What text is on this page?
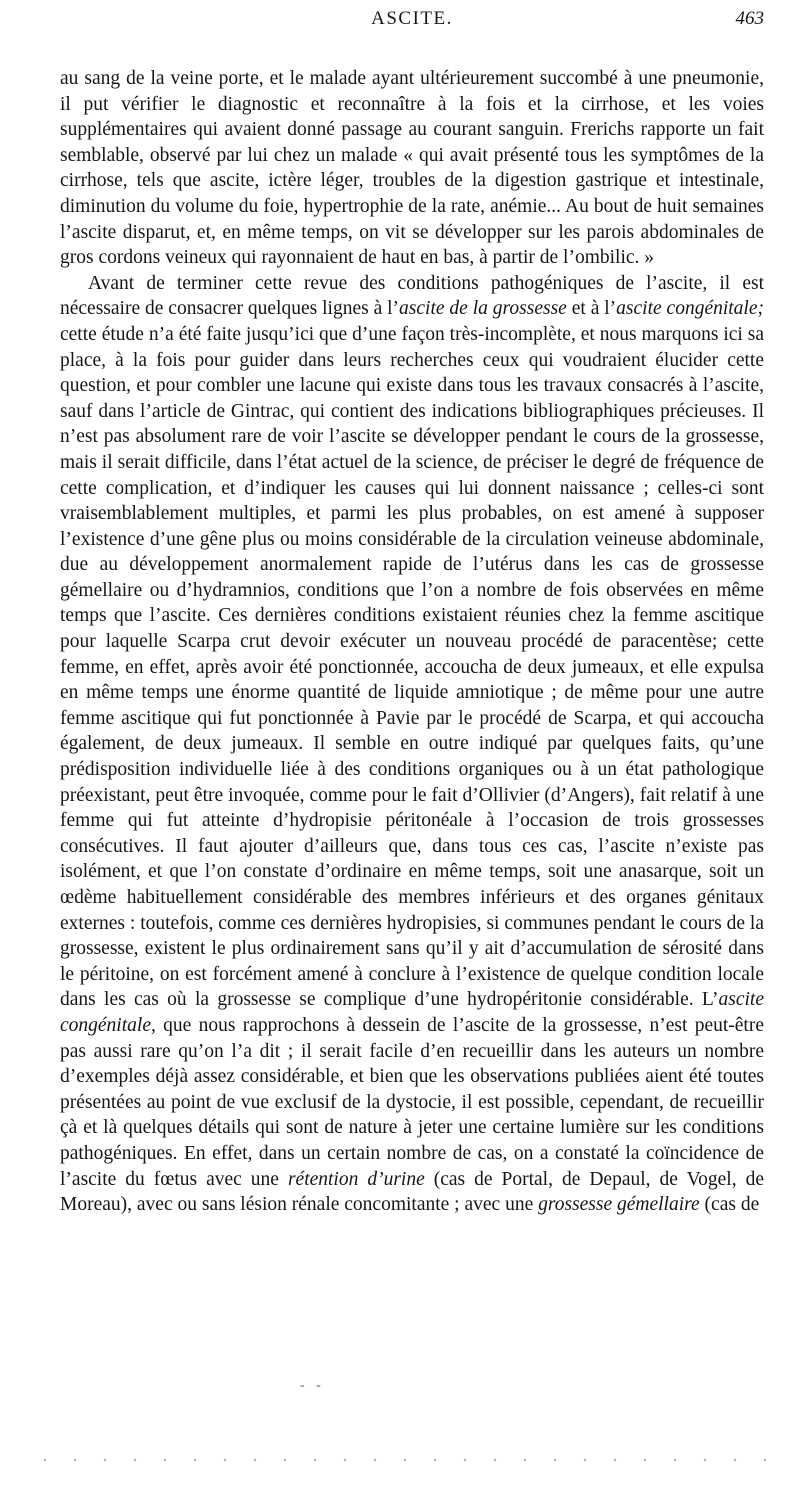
ASCITE.	463

au sang de la veine porte, et le malade ayant ultérieurement succombé à une pneumonie, il put vérifier le diagnostic et reconnaître à la fois et la cirrhose, et les voies supplémentaires qui avaient donné passage au courant sanguin. Frerichs rapporte un fait semblable, observé par lui chez un malade « qui avait présenté tous les symptômes de la cirrhose, tels que ascite, ictère léger, troubles de la digestion gastrique et intestinale, diminution du volume du foie, hypertrophie de la rate, anémie... Au bout de huit semaines l’ascite disparut, et, en même temps, on vit se développer sur les parois abdominales de gros cordons veineux qui rayonnaient de haut en bas, à partir de l’ombilic. »

Avant de terminer cette revue des conditions pathogéniques de l’ascite, il est nécessaire de consacrer quelques lignes à l’ascite de la grossesse et à l’ascite congénitale; cette étude n’a été faite jusqu’ici que d’une façon très-incomplète, et nous marquons ici sa place, à la fois pour guider dans leurs recherches ceux qui voudraient élucider cette question, et pour combler une lacune qui existe dans tous les travaux consacrés à l’ascite, sauf dans l’article de Gintrac, qui contient des indications bibliographiques précieuses. Il n’est pas absolument rare de voir l’ascite se développer pendant le cours de la grossesse, mais il serait difficile, dans l’état actuel de la science, de préciser le degré de fréquence de cette complication, et d’indiquer les causes qui lui donnent naissance ; celles-ci sont vraisemblablement multiples, et parmi les plus probables, on est amené à supposer l’existence d’une gêne plus ou moins considérable de la circulation veineuse abdominale, due au développement anormalement rapide de l’utérus dans les cas de grossesse gémellaire ou d’hydramnios, conditions que l’on a nombre de fois observées en même temps que l’ascite. Ces dernières conditions existaient réunies chez la femme ascitique pour laquelle Scarpa crut devoir exécuter un nouveau procédé de paracentèse; cette femme, en effet, après avoir été ponctionnée, accoucha de deux jumeaux, et elle expulsa en même temps une énorme quantité de liquide amniotique ; de même pour une autre femme ascitique qui fut ponctionnée à Pavie par le procédé de Scarpa, et qui accoucha également, de deux jumeaux. Il semble en outre indiqué par quelques faits, qu’une prédisposition individuelle liée à des conditions organiques ou à un état pathologique préexistant, peut être invoquée, comme pour le fait d’Ollivier (d’Angers), fait relatif à une femme qui fut atteinte d’hydropisie péritonéale à l’occasion de trois grossesses consécutives. Il faut ajouter d’ailleurs que, dans tous ces cas, l’ascite n’existe pas isolément, et que l’on constate d’ordinaire en même temps, soit une anasarque, soit un œdème habituellement considérable des membres inférieurs et des organes génitaux externes : toutefois, comme ces dernières hydropisies, si communes pendant le cours de la grossesse, existent le plus ordinairement sans qu’il y ait d’accumulation de sérosité dans le péritoine, on est forcément amené à conclure à l’existence de quelque condition locale dans les cas où la grossesse se complique d’une hydropéritonie considérable. L’ascite congénitale, que nous rapprochons à dessein de l’ascite de la grossesse, n’est peut-être pas aussi rare qu’on l’a dit ; il serait facile d’en recueillir dans les auteurs un nombre d’exemples déjà assez considérable, et bien que les observations publiées aient été toutes présentées au point de vue exclusif de la dystocie, il est possible, cependant, de recueillir çà et là quelques détails qui sont de nature à jeter une certaine lumière sur les conditions pathogéniques. En effet, dans un certain nombre de cas, on a constaté la coïncidence de l’ascite du fœtus avec une rétention d’urine (cas de Portal, de Depaul, de Vogel, de Moreau), avec ou sans lésion rénale concomitante ; avec une grossesse gémellaire (cas de

- -
